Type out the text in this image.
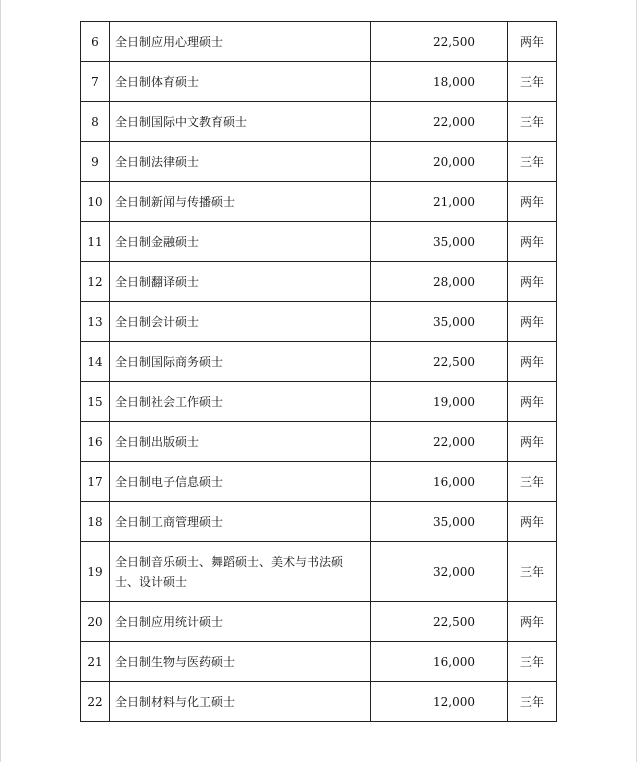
6	全日制应用心理硕士	22,500	两年
7	全日制体育硕士	18,000	三年
8	全日制国际中文教育硕士	22,000	三年
9	全日制法律硕士	20,000	三年
10	全日制新闻与传播硕士	21,000	两年
11	全日制金融硕士	35,000	两年
12	全日制翻译硕士	28,000	两年
13	全日制会计硕士	35,000	两年
14	全日制国际商务硕士	22,500	两年
15	全日制社会工作硕士	19,000	两年
16	全日制出版硕士	22,000	两年
17	全日制电子信息硕士	16,000	三年
18	全日制工商管理硕士	35,000	两年
19	全日制音乐硕士、舞蹈硕士、美术与书法硕士、设计硕士	32,000	三年
20	全日制应用统计硕士	22,500	两年
21	全日制生物与医药硕士	16,000	三年
22	全日制材料与化工硕士	12,000	三年
